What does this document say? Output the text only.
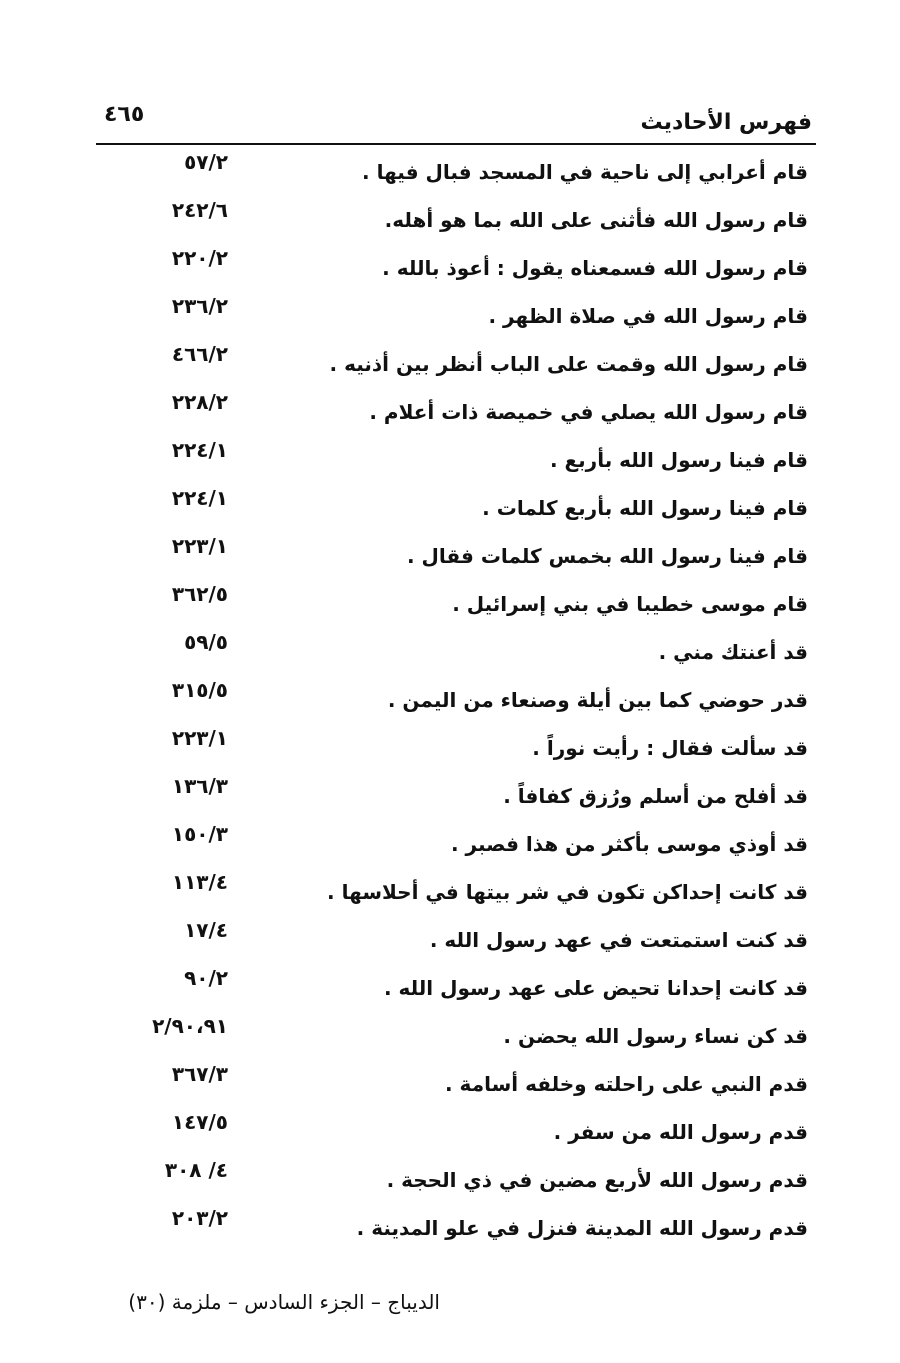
٤٦٥	فهرس الأحاديث
قام أعرابي إلى ناحية في المسجد فبال فيها .
٥٧/٢
قام رسول الله فأثنى على الله بما هو أهله.
٢٤٢/٦
قام رسول الله فسمعناه يقول : أعوذ بالله .
٢٢٠/٢
قام رسول الله في صلاة الظهر .
٢٣٦/٢
قام رسول الله وقمت على الباب أنظر بين أذنيه .
٤٦٦/٢
قام رسول الله يصلي في خميصة ذات أعلام .
٢٢٨/٢
قام فينا رسول الله بأربع .
٢٢٤/١
قام فينا رسول الله بأربع كلمات .
٢٢٤/١
قام فينا رسول الله بخمس كلمات فقال .
٢٢٣/١
قام موسى خطيبا في بني إسرائيل .
٣٦٢/٥
قد أعنتك مني .
٥٩/٥
قدر حوضي كما بين أيلة وصنعاء من اليمن .
٣١٥/٥
قد سألت فقال : رأيت نوراً .
٢٢٣/١
قد أفلح من أسلم ورُزق كفافاً .
١٣٦/٣
قد أوذي موسى بأكثر من هذا فصبر .
١٥٠/٣
قد كانت إحداكن تكون في شر بيتها في أحلاسها .
١١٣/٤
قد كنت استمتعت في عهد رسول الله .
١٧/٤
قد كانت إحدانا تحيض على عهد رسول الله .
٩٠/٢
قد كن نساء رسول الله يحضن .
٢/٩٠،٩١
قدم النبي على راحلته وخلفه أسامة .
٣٦٧/٣
قدم رسول الله من سفر .
١٤٧/٥
قدم رسول الله لأربع مضين في ذي الحجة .
٤/ ٣٠٨
قدم رسول الله المدينة فنزل في علو المدينة .
٢٠٣/٢
الديباج – الجزء السادس – ملزمة (٣٠)
